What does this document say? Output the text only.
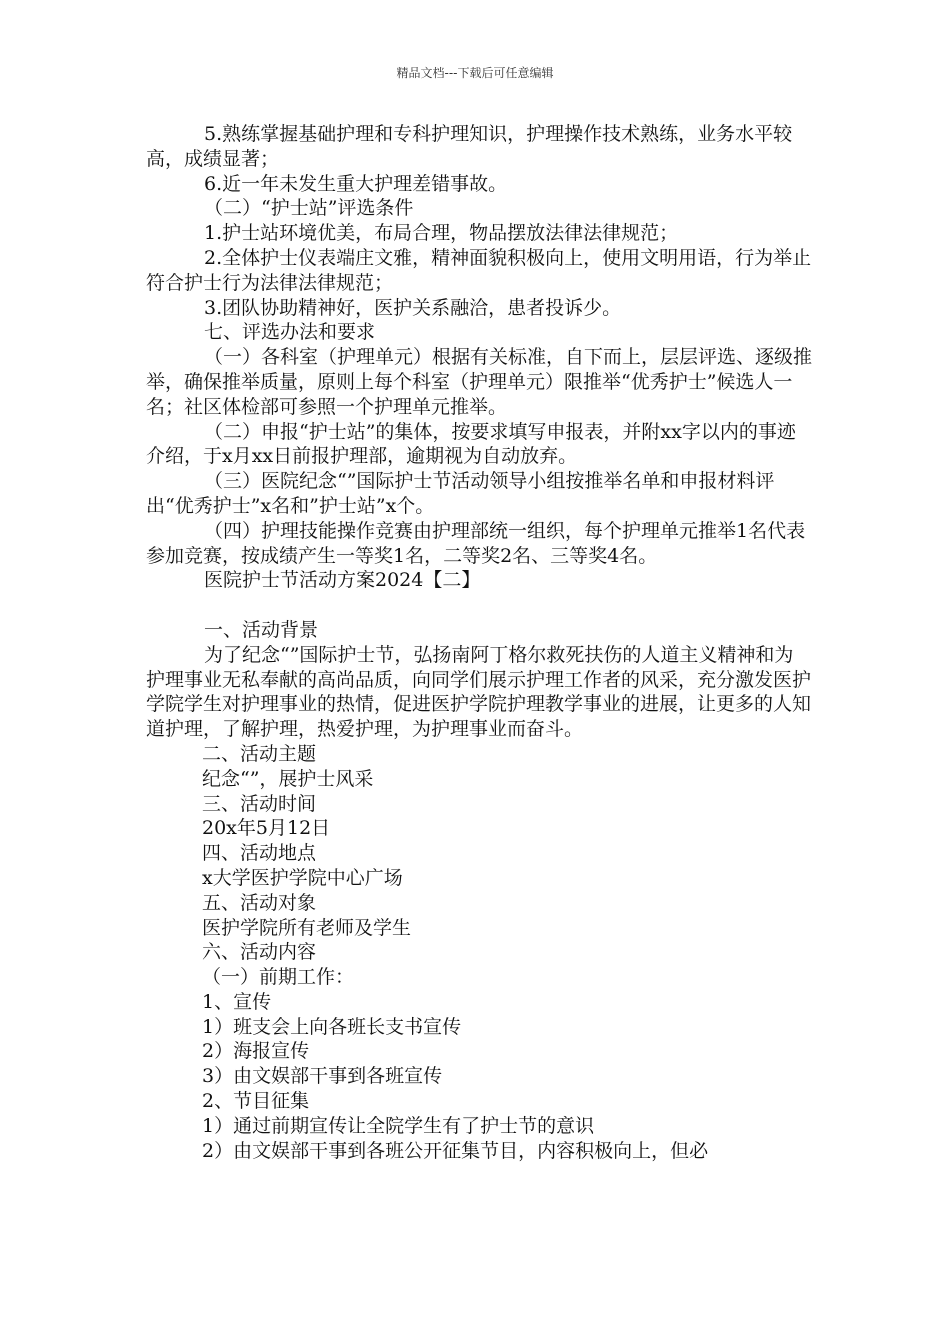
精品文档---下载后可任意编辑
5.熟练掌握基础护理和专科护理知识，护理操作技术熟练，业务水平较高，成绩显著；
6.近一年未发生重大护理差错事故。
（二）“护士站”评选条件
1.护士站环境优美，布局合理，物品摆放法律法律规范；
2.全体护士仪表端庄文雅，精神面貌积极向上，使用文明用语，行为举止符合护士行为法律法律规范；
3.团队协助精神好，医护关系融洽，患者投诉少。
七、评选办法和要求
（一）各科室（护理单元）根据有关标准，自下而上，层层评选、逐级推举，确保推举质量，原则上每个科室（护理单元）限推举“优秀护士”候选人一名；社区体检部可参照一个护理单元推举。
（二）申报“护士站”的集体，按要求填写申报表，并附xx字以内的事迹介绍，于x月xx日前报护理部，逾期视为自动放弃。
（三）医院纪念“”国际护士节活动领导小组按推举名单和申报材料评出“优秀护士”x名和”护士站”x个。
（四）护理技能操作竞赛由护理部统一组织，每个护理单元推举1名代表参加竞赛，按成绩产生一等奖1名，二等奖2名、三等奖4名。
医院护士节活动方案2024【二】
一、活动背景
为了纪念“”国际护士节，弘扬南阿丁格尔救死扶伤的人道主义精神和为护理事业无私奉献的高尚品质，向同学们展示护理工作者的风采，充分激发医护学院学生对护理事业的热情，促进医护学院护理教学事业的进展，让更多的人知道护理，了解护理，热爱护理，为护理事业而奋斗。
二、活动主题
纪念“”，展护士风采
三、活动时间
20x年5月12日
四、活动地点
x大学医护学院中心广场
五、活动对象
医护学院所有老师及学生
六、活动内容
（一）前期工作：
1、宣传
1）班支会上向各班长支书宣传
2）海报宣传
3）由文娱部干事到各班宣传
2、节目征集
1）通过前期宣传让全院学生有了护士节的意识
2）由文娱部干事到各班公开征集节目，内容积极向上，但必
